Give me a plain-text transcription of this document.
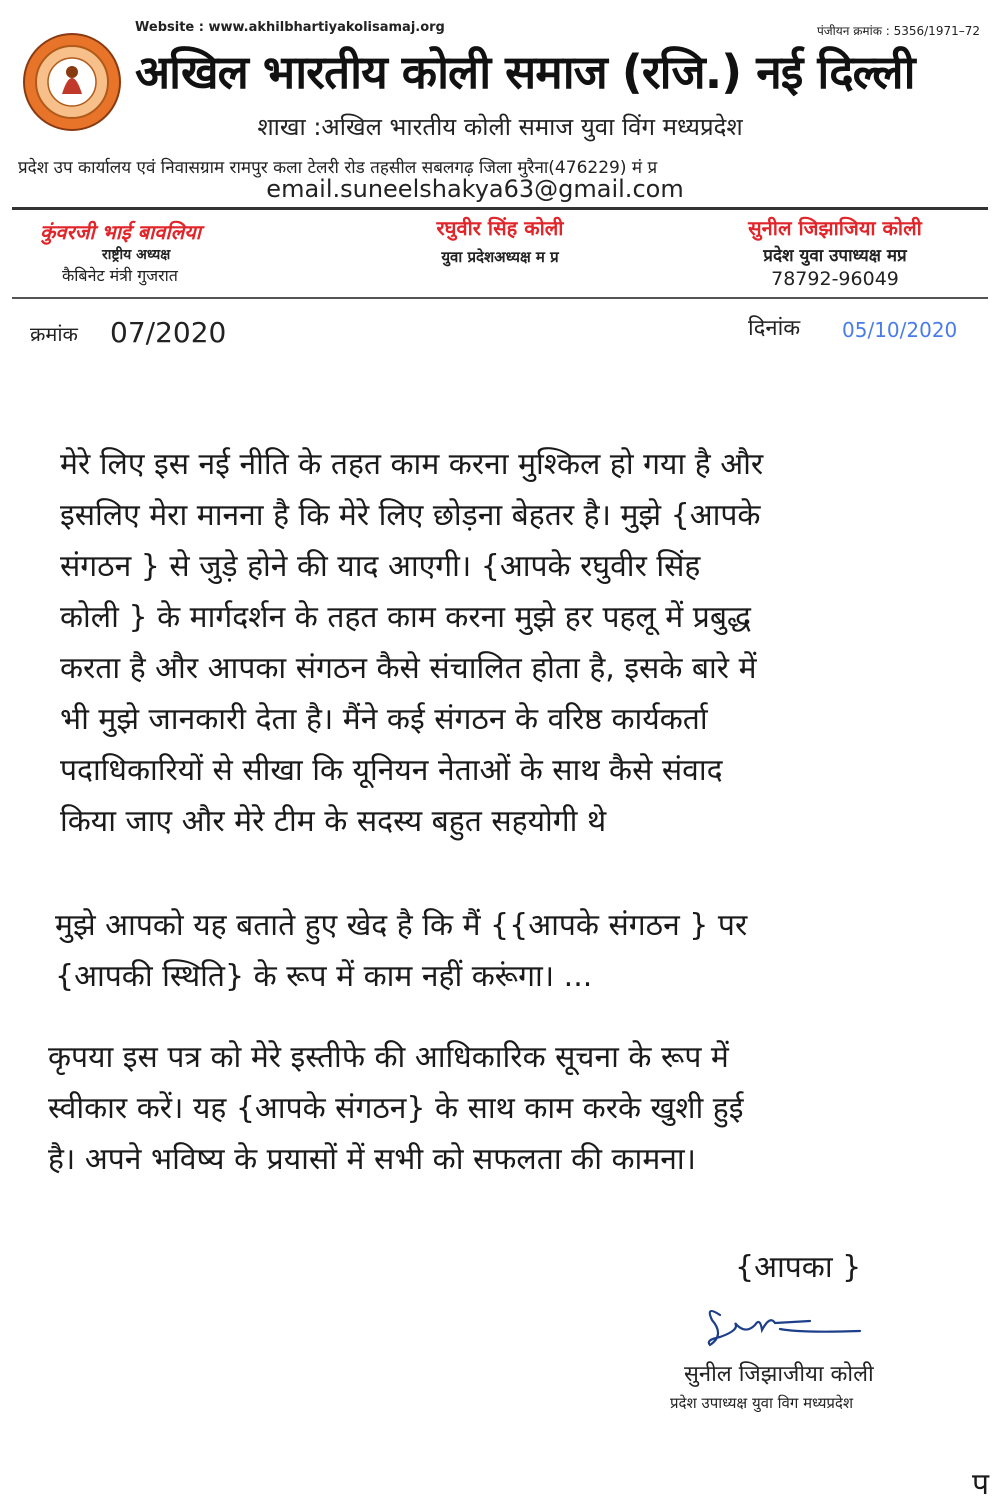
Website : www.akhilbhartiyakolisamaj.org	पंजीयन क्रमांक : 5356/1971–72
अखिल भारतीय कोली समाज (रजि.) नई दिल्ली
शाखा :अखिल भारतीय कोली समाज युवा विंग मध्यप्रदेश
प्रदेश उप कार्यालय एवं निवासग्राम रामपुर कला टेलरी रोड तहसील सबलगढ़ जिला मुरैना(476229) मं प्र
email.suneelshakya63@gmail.com
कुंवरजी भाई बावलिया
राष्ट्रीय अध्यक्ष
कैबिनेट मंत्री गुजरात
रघुवीर सिंह कोली
युवा प्रदेशअध्यक्ष म प्र
सुनील जिझाजिया कोली
प्रदेश युवा उपाध्यक्ष मप्र
78792-96049
क्रमांक 07/2020	दिनांक 05/10/2020
मेरे लिए इस नई नीति के तहत काम करना मुश्किल हो गया है और
इसलिए मेरा मानना है कि मेरे लिए छोड़ना बेहतर है। मुझे {आपके
संगठन } से जुड़े होने की याद आएगी। {आपके रघुवीर सिंह
कोली } के मार्गदर्शन के तहत काम करना मुझे हर पहलू में प्रबुद्ध
करता है और आपका संगठन कैसे संचालित होता है, इसके बारे में
भी मुझे जानकारी देता है। मैंने कई संगठन के वरिष्ठ कार्यकर्ता
पदाधिकारियों से सीखा कि यूनियन नेताओं के साथ कैसे संवाद
किया जाए और मेरे टीम के सदस्य बहुत सहयोगी थे
मुझे आपको यह बताते हुए खेद है कि मैं {{आपके संगठन } पर
{आपकी स्थिति} के रूप में काम नहीं करूंगा। ...
कृपया इस पत्र को मेरे इस्तीफे की आधिकारिक सूचना के रूप में
स्वीकार करें। यह {आपके संगठन} के साथ काम करके खुशी हुई
है। अपने भविष्य के प्रयासों में सभी को सफलता की कामना।
{आपका }
सुनील जिझाजीया कोली
प्रदेश उपाध्यक्ष युवा विग मध्यप्रदेश
प
